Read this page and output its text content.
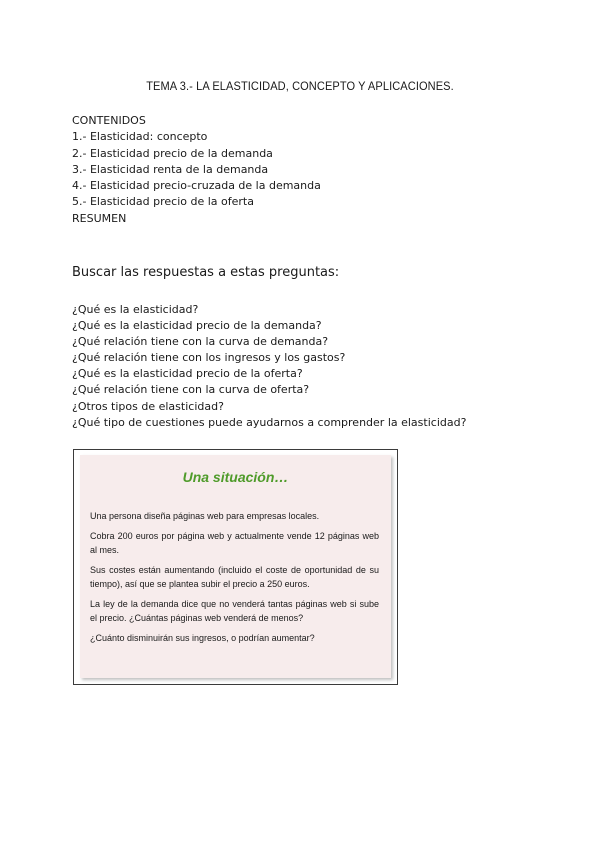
TEMA 3.- LA ELASTICIDAD, CONCEPTO Y APLICACIONES.
CONTENIDOS
1.- Elasticidad: concepto
2.- Elasticidad precio de la demanda
3.- Elasticidad renta de la demanda
4.- Elasticidad precio-cruzada de la demanda
5.- Elasticidad precio de la oferta
RESUMEN
Buscar las respuestas a estas preguntas:
¿Qué es la elasticidad?
¿Qué es la elasticidad precio de la demanda?
¿Qué relación tiene con la curva de demanda?
¿Qué relación tiene con los ingresos y los gastos?
¿Qué es la elasticidad precio de la oferta?
¿Qué relación tiene con la curva de oferta?
¿Otros tipos de elasticidad?
¿Qué tipo de cuestiones puede ayudarnos a comprender la elasticidad?
Una situación…

Una persona diseña páginas web para empresas locales.

Cobra 200 euros por página web y actualmente vende 12 páginas web al mes.

Sus costes están aumentando (incluido el coste de oportunidad de su tiempo), así que se plantea subir el precio a 250 euros.

La ley de la demanda dice que no venderá tantas páginas web si sube el precio. ¿Cuántas páginas web venderá de menos?

¿Cuánto disminuirán sus ingresos, o podrían aumentar?
